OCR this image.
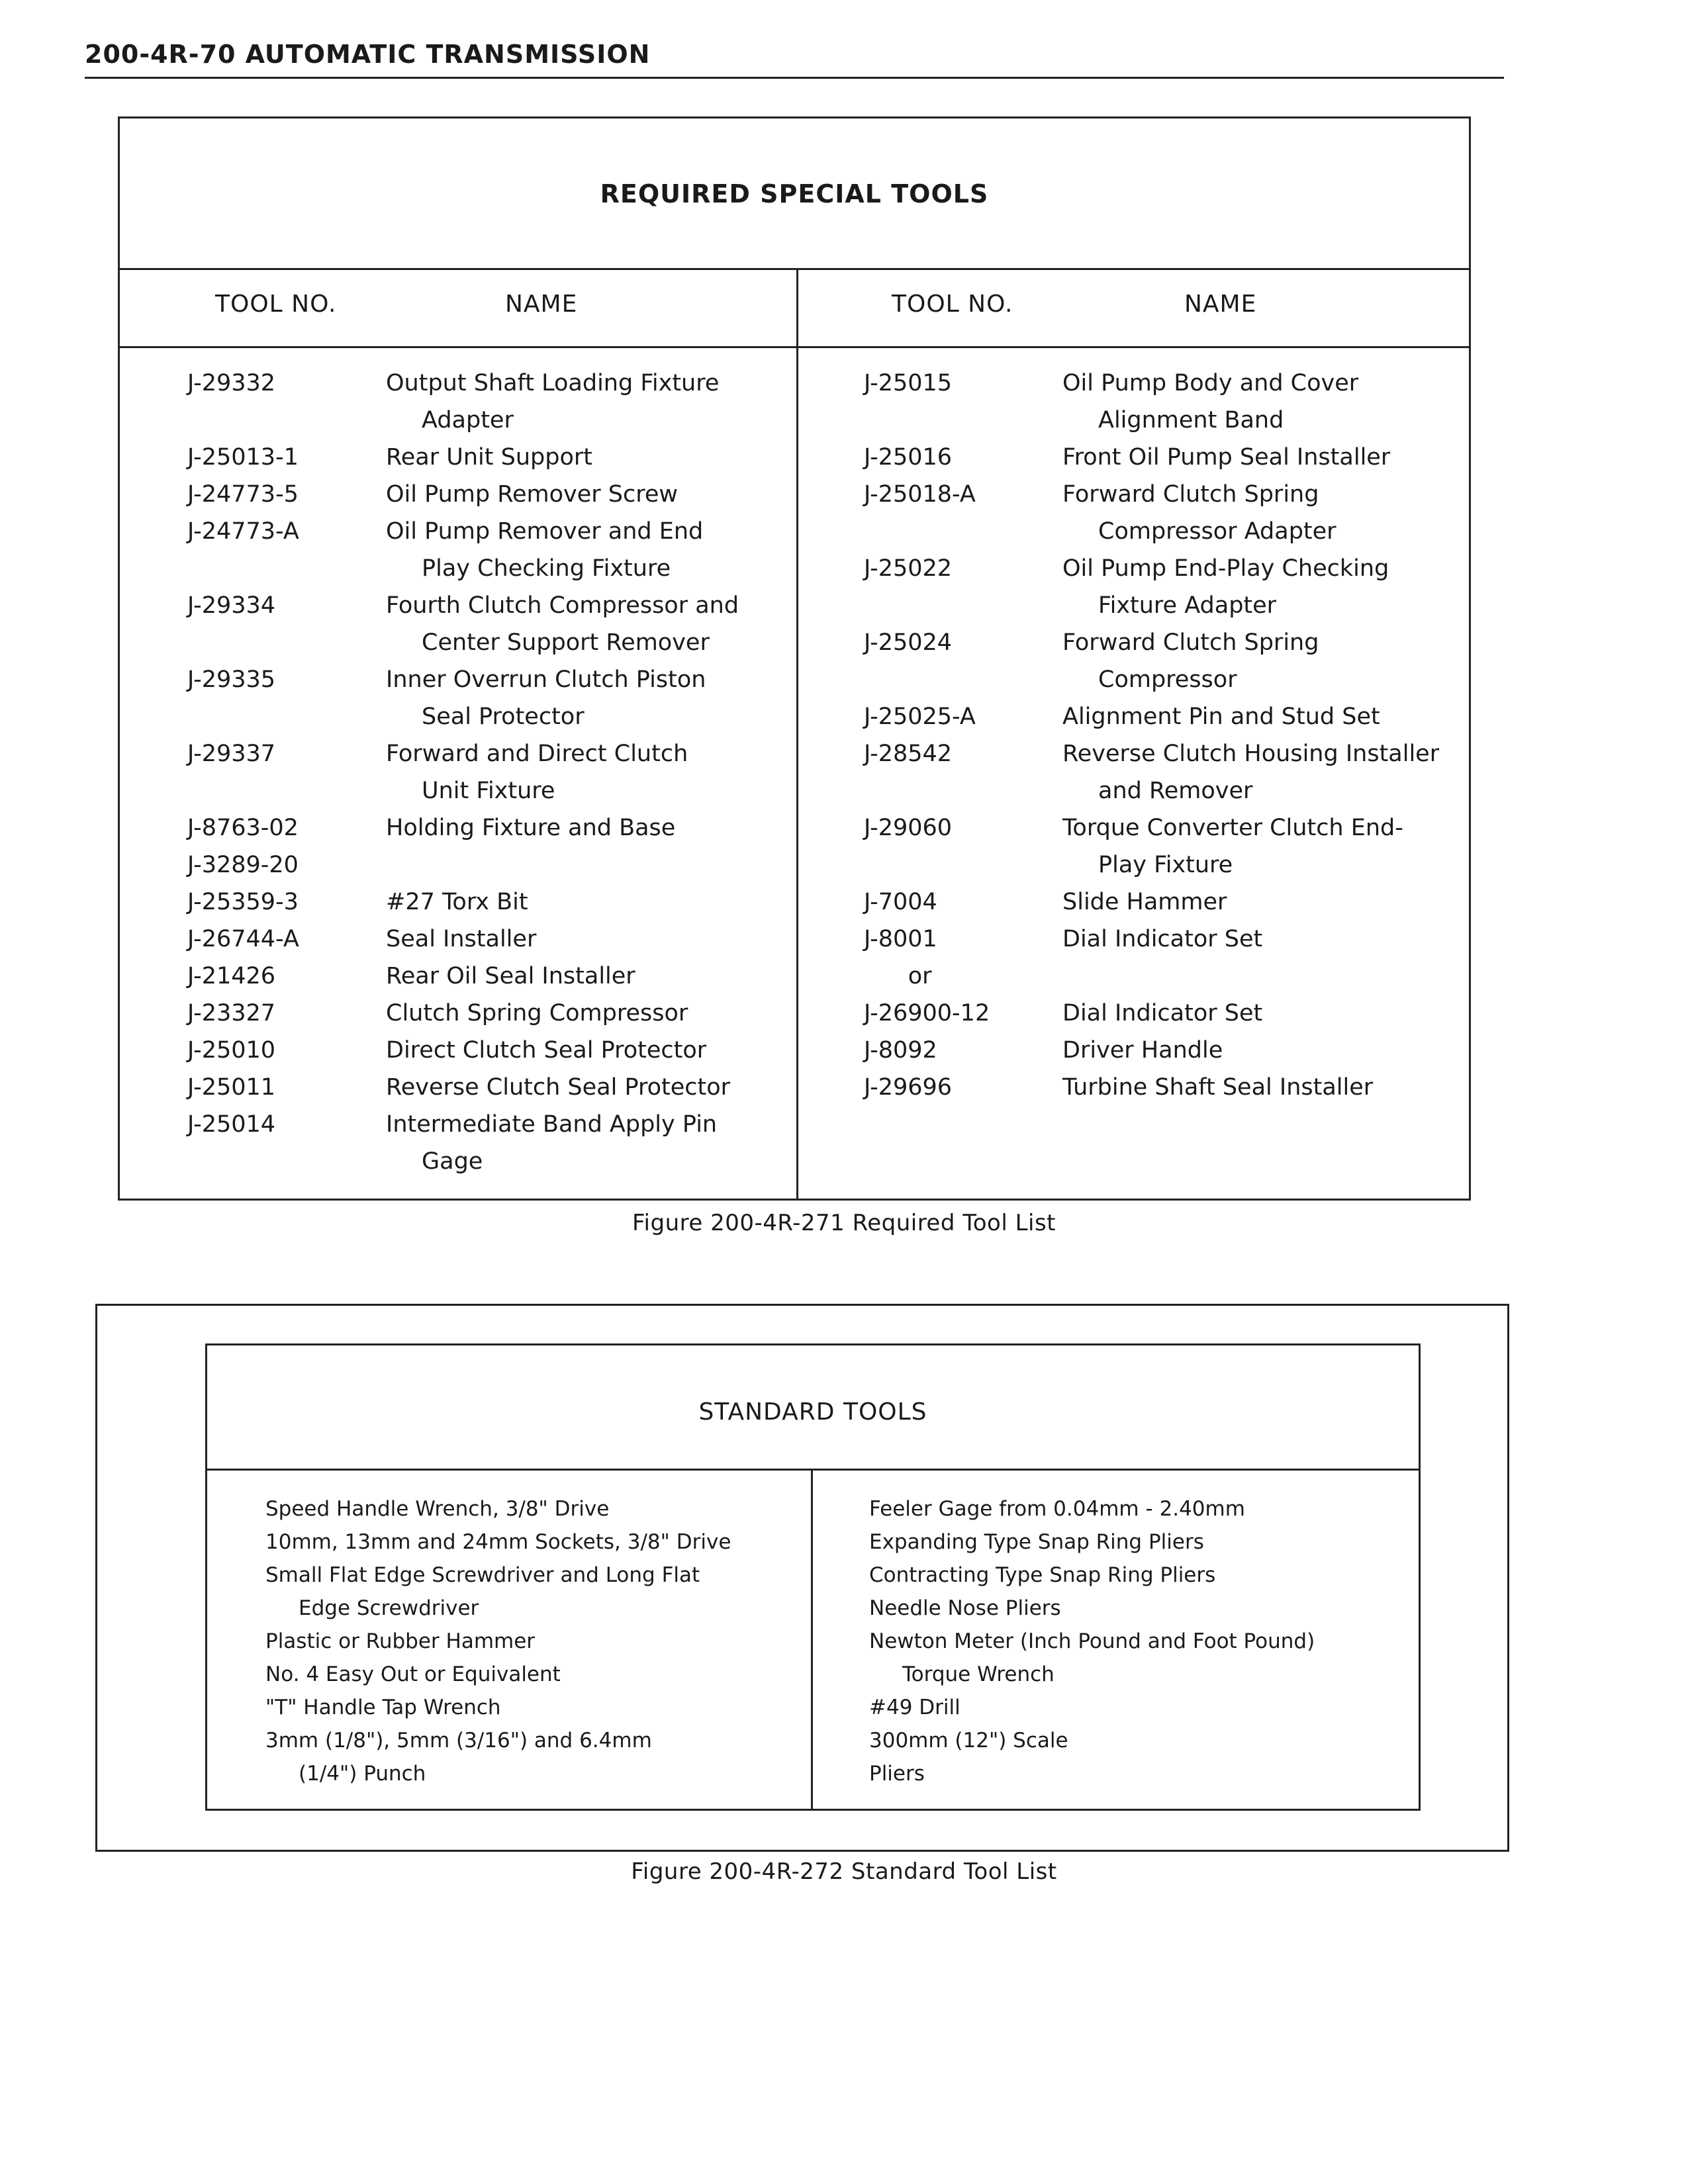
200-4R-70 AUTOMATIC TRANSMISSION
REQUIRED SPECIAL TOOLS
TOOL NO.	NAME	TOOL NO.	NAME
J-29332	Output Shaft Loading Fixture
Adapter
J-25013-1	Rear Unit Support
J-24773-5	Oil Pump Remover Screw
J-24773-A	Oil Pump Remover and End
Play Checking Fixture
J-29334	Fourth Clutch Compressor and
Center Support Remover
J-29335	Inner Overrun Clutch Piston
Seal Protector
J-29337	Forward and Direct Clutch
Unit Fixture
J-8763-02	Holding Fixture and Base
J-3289-20
J-25359-3	#27 Torx Bit
J-26744-A	Seal Installer
J-21426	Rear Oil Seal Installer
J-23327	Clutch Spring Compressor
J-25010	Direct Clutch Seal Protector
J-25011	Reverse Clutch Seal Protector
J-25014	Intermediate Band Apply Pin
Gage
J-25015	Oil Pump Body and Cover
Alignment Band
J-25016	Front Oil Pump Seal Installer
J-25018-A	Forward Clutch Spring
Compressor Adapter
J-25022	Oil Pump End-Play Checking
Fixture Adapter
J-25024	Forward Clutch Spring
Compressor
J-25025-A	Alignment Pin and Stud Set
J-28542	Reverse Clutch Housing Installer
and Remover
J-29060	Torque Converter Clutch End-
Play Fixture
J-7004	Slide Hammer
J-8001	Dial Indicator Set
or
J-26900-12	Dial Indicator Set
J-8092	Driver Handle
J-29696	Turbine Shaft Seal Installer
Figure 200-4R-271 Required Tool List
STANDARD TOOLS
Speed Handle Wrench, 3/8" Drive
10mm, 13mm and 24mm Sockets, 3/8" Drive
Small Flat Edge Screwdriver and Long Flat
Edge Screwdriver
Plastic or Rubber Hammer
No. 4 Easy Out or Equivalent
"T" Handle Tap Wrench
3mm (1/8"), 5mm (3/16") and 6.4mm
(1/4") Punch
Feeler Gage from 0.04mm - 2.40mm
Expanding Type Snap Ring Pliers
Contracting Type Snap Ring Pliers
Needle Nose Pliers
Newton Meter (Inch Pound and Foot Pound)
Torque Wrench
#49 Drill
300mm (12") Scale
Pliers
Figure 200-4R-272 Standard Tool List
